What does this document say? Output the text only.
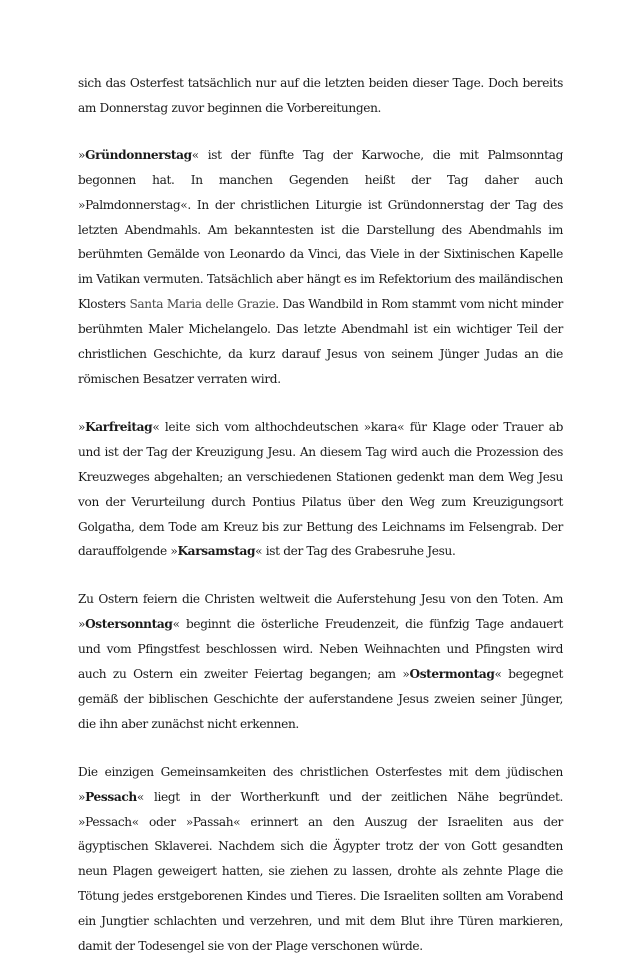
sich das Osterfest tatsächlich nur auf die letzten beiden dieser Tage. Doch bereits am Donnerstag zuvor beginnen die Vorbereitungen.

»Gründonnerstag« ist der fünfte Tag der Karwoche, die mit Palmsonntag begonnen hat. In manchen Gegenden heißt der Tag daher auch »Palmdonnerstag«. In der christlichen Liturgie ist Gründonnerstag der Tag des letzten Abendmahls. Am bekanntesten ist die Darstellung des Abendmahls im berühmten Gemälde von Leonardo da Vinci, das Viele in der Sixtinischen Kapelle im Vatikan vermuten. Tatsächlich aber hängt es im Refektorium des mailändischen Klosters Santa Maria delle Grazie. Das Wandbild in Rom stammt vom nicht minder berühmten Maler Michelangelo. Das letzte Abendmahl ist ein wichtiger Teil der christlichen Geschichte, da kurz darauf Jesus von seinem Jünger Judas an die römischen Besatzer verraten wird.

»Karfreitag« leite sich vom althochdeutschen »kara« für Klage oder Trauer ab und ist der Tag der Kreuzigung Jesu. An diesem Tag wird auch die Prozession des Kreuzweges abgehalten; an verschiedenen Stationen gedenkt man dem Weg Jesu von der Verurteilung durch Pontius Pilatus über den Weg zum Kreuzigungsort Golgatha, dem Tode am Kreuz bis zur Bettung des Leichnams im Felsengrab. Der darauffolgende »Karsamstag« ist der Tag des Grabesruhe Jesu.

Zu Ostern feiern die Christen weltweit die Auferstehung Jesu von den Toten. Am »Ostersonntag« beginnt die österliche Freudenzeit, die fünfzig Tage andauert und vom Pfingstfest beschlossen wird. Neben Weihnachten und Pfingsten wird auch zu Ostern ein zweiter Feiertag begangen; am »Ostermontag« begegnet gemäß der biblischen Geschichte der auferstandene Jesus zweien seiner Jünger, die ihn aber zunächst nicht erkennen.

Die einzigen Gemeinsamkeiten des christlichen Osterfestes mit dem jüdischen »Pessach« liegt in der Wortherkunft und der zeitlichen Nähe begründet. »Pessach« oder »Passah« erinnert an den Auszug der Israeliten aus der ägyptischen Sklaverei. Nachdem sich die Ägypter trotz der von Gott gesandten neun Plagen geweigert hatten, sie ziehen zu lassen, drohte als zehnte Plage die Tötung jedes erstgeborenen Kindes und Tieres. Die Israeliten sollten am Vorabend ein Jungtier schlachten und verzehren, und mit dem Blut ihre Türen markieren, damit der Todesengel sie von der Plage verschonen würde.
